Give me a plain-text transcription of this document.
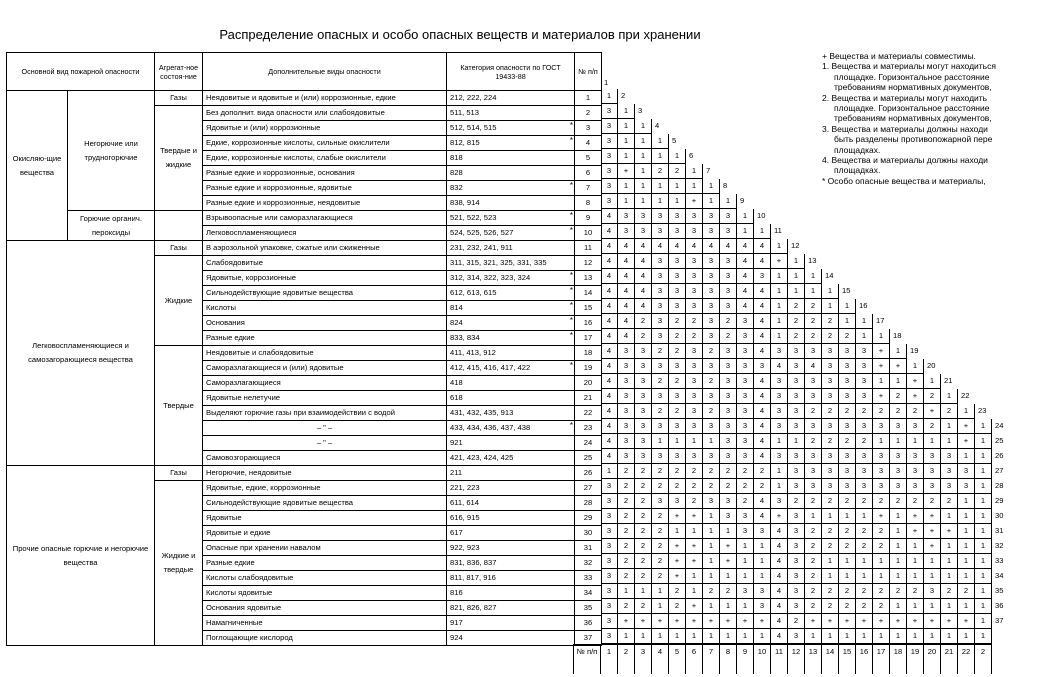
Распределение опасных и особо опасных веществ и материалов при хранении
Основной вид пожарной опасности		Агрегат-ное состоя-ние	Дополнительные виды опасности	Категория опасности по ГОСТ 19433-88	№ п/п
Окисляю-щие вещества	Негорючие или трудногорючие	Газы	Неядовитые и ядовитые и (или) коррозионные, едкие	212, 222, 224	1
		Твердые и жидкие	Без дополнит. вида опасности или слабоядовитые	511, 513	2
			Ядовитые и (или) коррозионные	512, 514, 515 *	3
			Едкие, коррозионные кислоты, сильные окислители	812, 815 *	4
			Едкие, коррозионные кислоты, слабые окислители	818	5
			Разные едкие и коррозионные, основания	828	6
			Разные едкие и коррозионные, ядовитые	832 *	7
			Разные едкие и коррозионные, неядовитые	838, 914	8
	Горючие органич. пероксиды		Взрывоопасные или саморазлагающиеся	521, 522, 523 *	9
			Легковоспламеняющиеся	524, 525, 526, 527 *	10
Легковоспламеняющиеся и самозагорающиеся вещества		Газы	В аэрозольной упаковке, сжатые или сжиженные	231, 232, 241, 911	11
		Жидкие	Слабоядовитые	311, 315, 321, 325, 331, 335	12
			Ядовитые, коррозионные	312, 314, 322, 323, 324 *	13
			Сильнодействующие ядовитые вещества	612, 613, 615 *	14
			Кислоты	814 *	15
			Основания	824 *	16
			Разные едкие	833, 834 *	17
		Твердые	Неядовитые и слабоядовитые	411, 413, 912	18
			Саморазлагающиеся и (или) ядовитые	412, 415, 416, 417, 422 *	19
			Саморазлагающиеся	418	20
			Ядовитые нелетучие	618	21
			Выделяют горючие газы при взаимодействии с водой	431, 432, 435, 913	22
			– " –	433, 434, 436, 437, 438 *	23
			– " –	921	24
			Самовозгорающиеся	421, 423, 424, 425	25
Прочие опасные горючие и негорючие вещества		Газы	Негорючие, неядовитые	211	26
		Жидкие и твердые	Ядовитые, едкие, коррозионные	221, 223	27
			Сильнодействующие ядовитые вещества	611, 614	28
			Ядовитые	616, 915	29
			Ядовитые и едкие	617	30
			Опасные при хранении навалом	922, 923	31
			Разные едкие	831, 836, 837	32
			Кислоты слабоядовитые	811, 817, 916	33
			Кислоты ядовитые	816	34
			Основания ядовитые	821, 826, 827	35
			Намагниченные	917	36
			Поглощающие кислород	924	37
1
1	2
3	1	3
3	1	1	4
3	1	1	1	5
3	1	1	1	1	6
3	+	1	2	2	1	7
3	1	1	1	1	1	1	8
3	1	1	1	1	+	1	1	9
4	3	3	3	3	3	3	3	1	10
4	3	3	3	3	3	3	3	1	1	11
4	4	4	4	4	4	4	4	4	4	1	12
4	4	4	3	3	3	3	3	4	4	+	1	13
4	4	4	3	3	3	3	3	4	3	1	1	1	14
4	4	4	3	3	3	3	3	4	4	1	1	1	1	15
4	4	4	3	3	3	3	3	4	4	1	2	2	1	1	16
4	4	2	3	2	2	3	2	3	4	1	2	2	2	1	1	17
4	4	2	3	2	2	3	2	3	4	1	2	2	2	2	1	1	18
4	3	3	2	2	3	2	3	3	4	3	3	3	3	3	3	+	1	19
4	3	3	3	3	3	3	3	3	3	4	3	4	3	3	3	+	+	1	20
4	3	3	2	2	3	2	3	3	4	3	3	3	3	3	3	1	1	+	1	21
4	3	3	3	3	3	3	3	3	4	3	3	3	3	3	3	+	2	+	2	1	22
4	3	3	2	2	3	2	3	3	4	3	3	2	2	2	2	2	2	2	+	2	1	23
4	3	3	3	3	3	3	3	3	4	3	3	3	3	3	3	3	3	3	2	1	+	1	24
4	3	3	1	1	1	1	3	3	4	1	1	2	2	2	2	1	1	1	1	1	+	1	25
4	3	3	3	3	3	3	3	3	4	3	3	3	3	3	3	3	3	3	3	3	1	1	26
1	2	2	2	2	2	2	2	2	2	1	3	3	3	3	3	3	3	3	3	3	3	1	27
3	2	2	2	2	2	2	2	2	2	1	3	3	3	3	3	3	3	3	3	3	3	1	28
3	2	2	3	3	2	3	3	2	4	3	2	2	2	2	2	2	2	2	2	2	1	1	29
3	2	2	2	+	+	1	3	3	4	+	3	1	1	1	1	+	1	+	+	1	1	1	30
3	2	2	2	1	1	1	1	3	3	4	3	2	2	2	2	2	1	+	+	+	1	1	31
3	2	2	2	+	+	1	+	1	1	4	3	2	2	2	2	2	1	1	+	1	1	1	32
3	2	2	2	+	+	1	+	1	1	4	3	2	1	1	1	1	1	1	1	1	1	1	33
3	2	2	2	+	1	1	1	1	1	4	3	2	1	1	1	1	1	1	1	1	1	1	34
3	1	1	1	2	1	2	2	3	3	4	3	2	2	2	2	2	2	2	3	2	2	1	35
3	2	2	1	2	+	1	1	1	3	4	3	2	2	2	2	2	1	1	1	1	1	1	36
3	+	+	+	+	+	+	+	+	+	4	2	+	+	+	+	+	+	+	+	+	+	1	37
3	1	1	1	1	1	1	1	1	1	4	3	1	1	1	1	1	1	1	1	1	1	1
№ п/п	1	2	3	4	5	6	7	8	9	10	11	12	13	14	15	16	17	18	19	20	21	22	2
+ Вещества и материалы совместимы.
1. Вещества и материалы могут находиться
площадке. Горизонтальное расстояние
требованиям нормативных документов,
2. Вещества и материалы могут находить
площадке. Горизонтальное расстояние
требованиям нормативных документов,
3. Вещества и материалы должны находи
быть разделены противопожарной пере
площадках.
4. Вещества и материалы должны находи
площадках.
* Особо опасные вещества и материалы,
